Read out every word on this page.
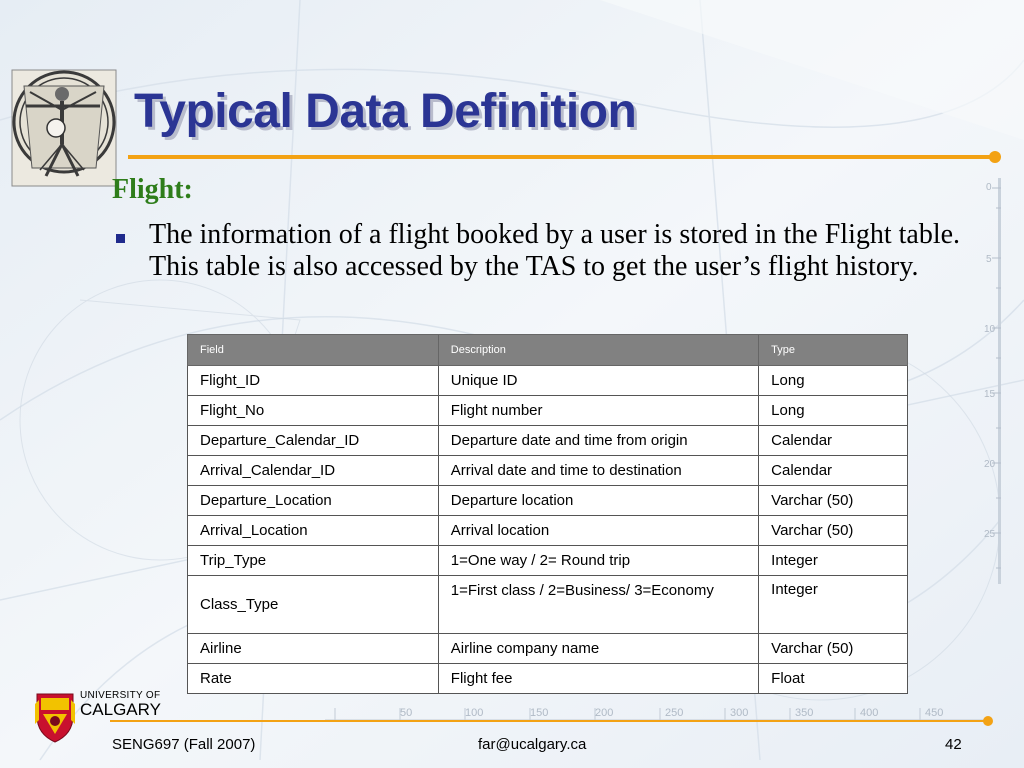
Typical Data Definition
Flight:

The information of a flight booked by a user is stored in the Flight table. This table is also accessed by the TAS to get the user’s flight history.

0
5
10
15
20
25
Field	Description	Type
Flight_ID	Unique ID	Long
Flight_No	Flight number	Long
Departure_Calendar_ID	Departure date and time from origin	Calendar
Arrival_Calendar_ID	Arrival date and time to destination	Calendar
Departure_Location	Departure location	Varchar (50)
Arrival_Location	Arrival location	Varchar (50)
Trip_Type	1=One way / 2= Round trip	Integer
Class_Type	1=First class / 2=Business/ 3=Economy	Integer
Airline	Airline company name	Varchar (50)
Rate	Flight fee	Float
50	100	150	200	250	300	350	400	450
UNIVERSITY OF
CALGARY
SENG697 (Fall 2007)	far@ucalgary.ca	42
